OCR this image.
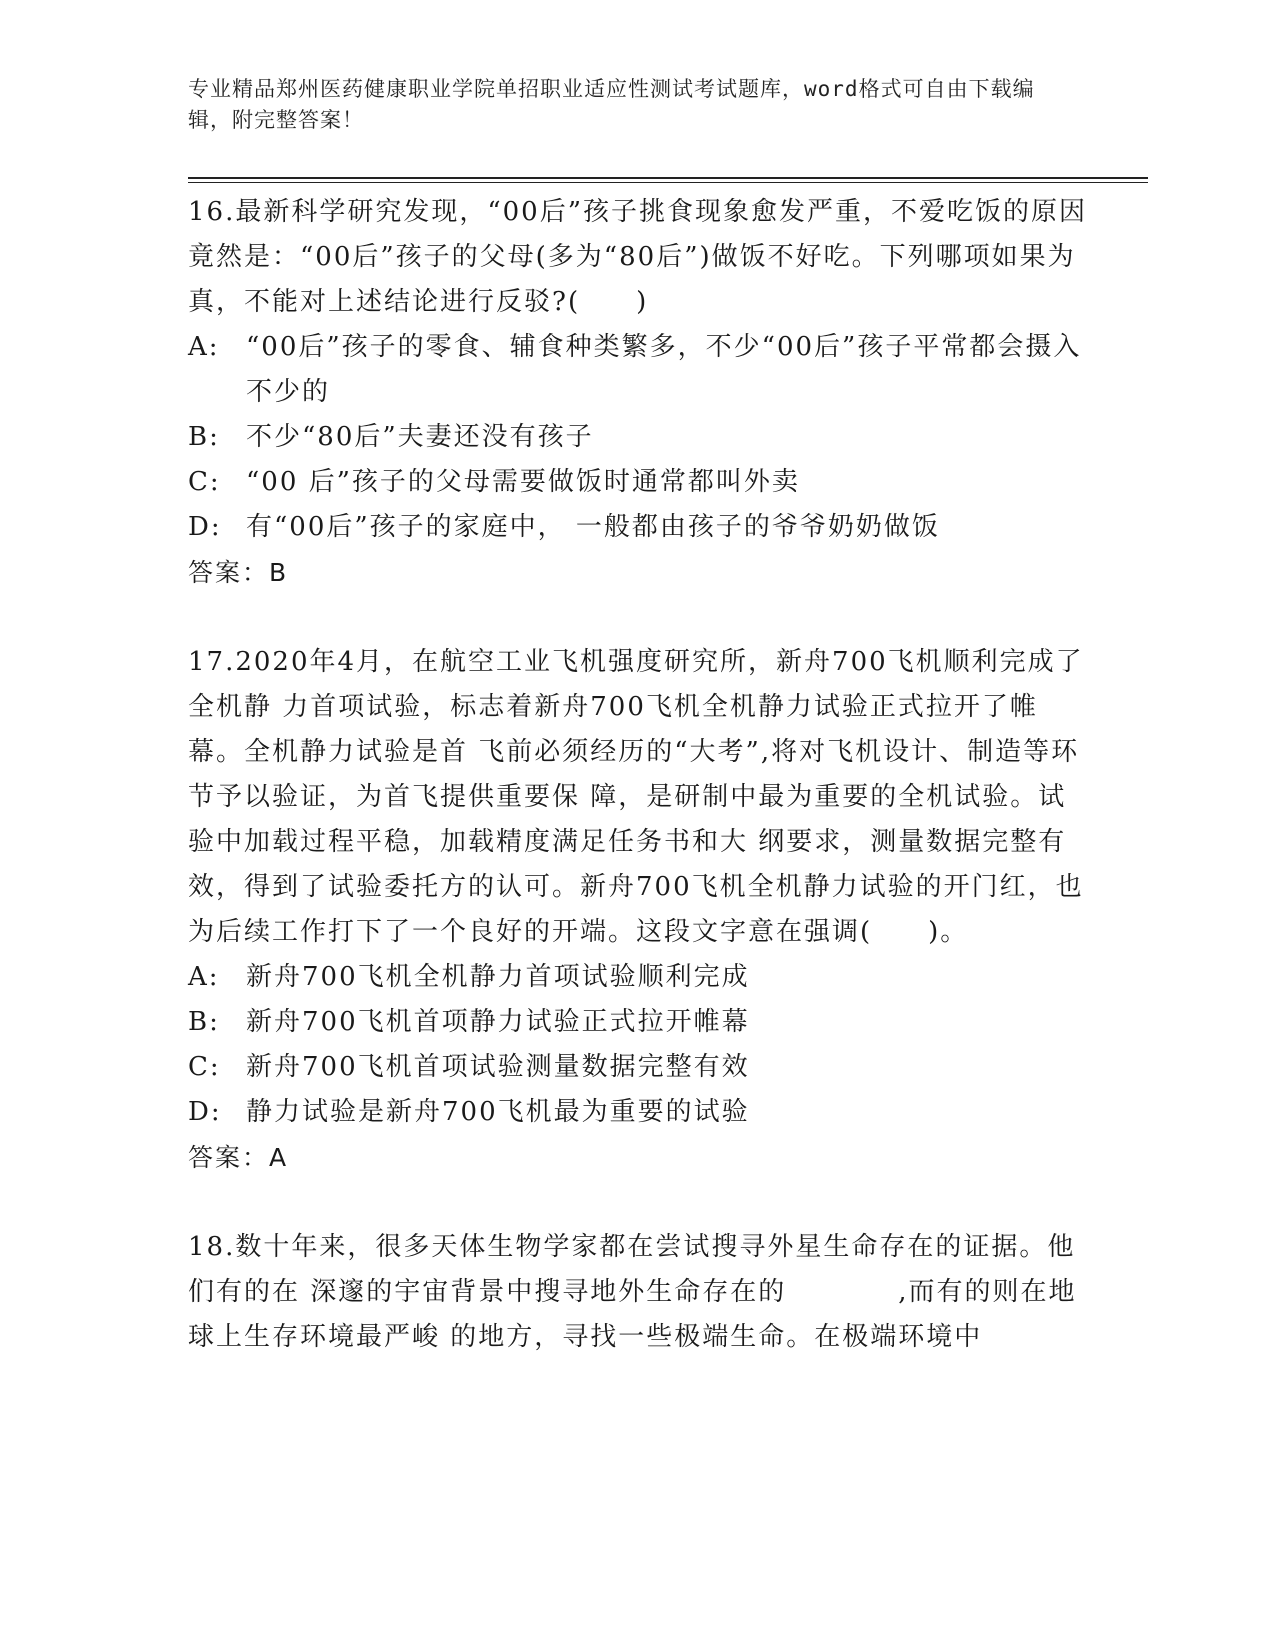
专业精品郑州医药健康职业学院单招职业适应性测试考试题库，word格式可自由下载编辑，附完整答案！

16.最新科学研究发现，“00后”孩子挑食现象愈发严重，不爱吃饭的原因竟然是：“00后”孩子的父母(多为“80后”)做饭不好吃。下列哪项如果为真，不能对上述结论进行反驳?(　　)

A:	“00后”孩子的零食、辅食种类繁多，不少“00后”孩子平常都会摄入不少的

B:	不少“80后”夫妻还没有孩子

C: “00 后”孩子的父母需要做饭时通常都叫外卖

D: 有“00后”孩子的家庭中， 一般都由孩子的爷爷奶奶做饭

答案：B

17.2020年4月，在航空工业飞机强度研究所，新舟700飞机顺利完成了全机静 力首项试验，标志着新舟700飞机全机静力试验正式拉开了帷幕。全机静力试验是首 飞前必须经历的“大考”,将对飞机设计、制造等环节予以验证，为首飞提供重要保 障，是研制中最为重要的全机试验。试验中加载过程平稳，加载精度满足任务书和大 纲要求，测量数据完整有效，得到了试验委托方的认可。新舟700飞机全机静力试验的开门红，也为后续工作打下了一个良好的开端。这段文字意在强调(　　)。

A:	新舟700飞机全机静力首项试验顺利完成

B:	新舟700飞机首项静力试验正式拉开帷幕

C: 新舟700飞机首项试验测量数据完整有效

D: 静力试验是新舟700飞机最为重要的试验

答案：A

18.数十年来，很多天体生物学家都在尝试搜寻外星生命存在的证据。他们有的在 深邃的宇宙背景中搜寻地外生命存在的　　　　,而有的则在地球上生存环境最严峻 的地方，寻找一些极端生命。在极端环境中
